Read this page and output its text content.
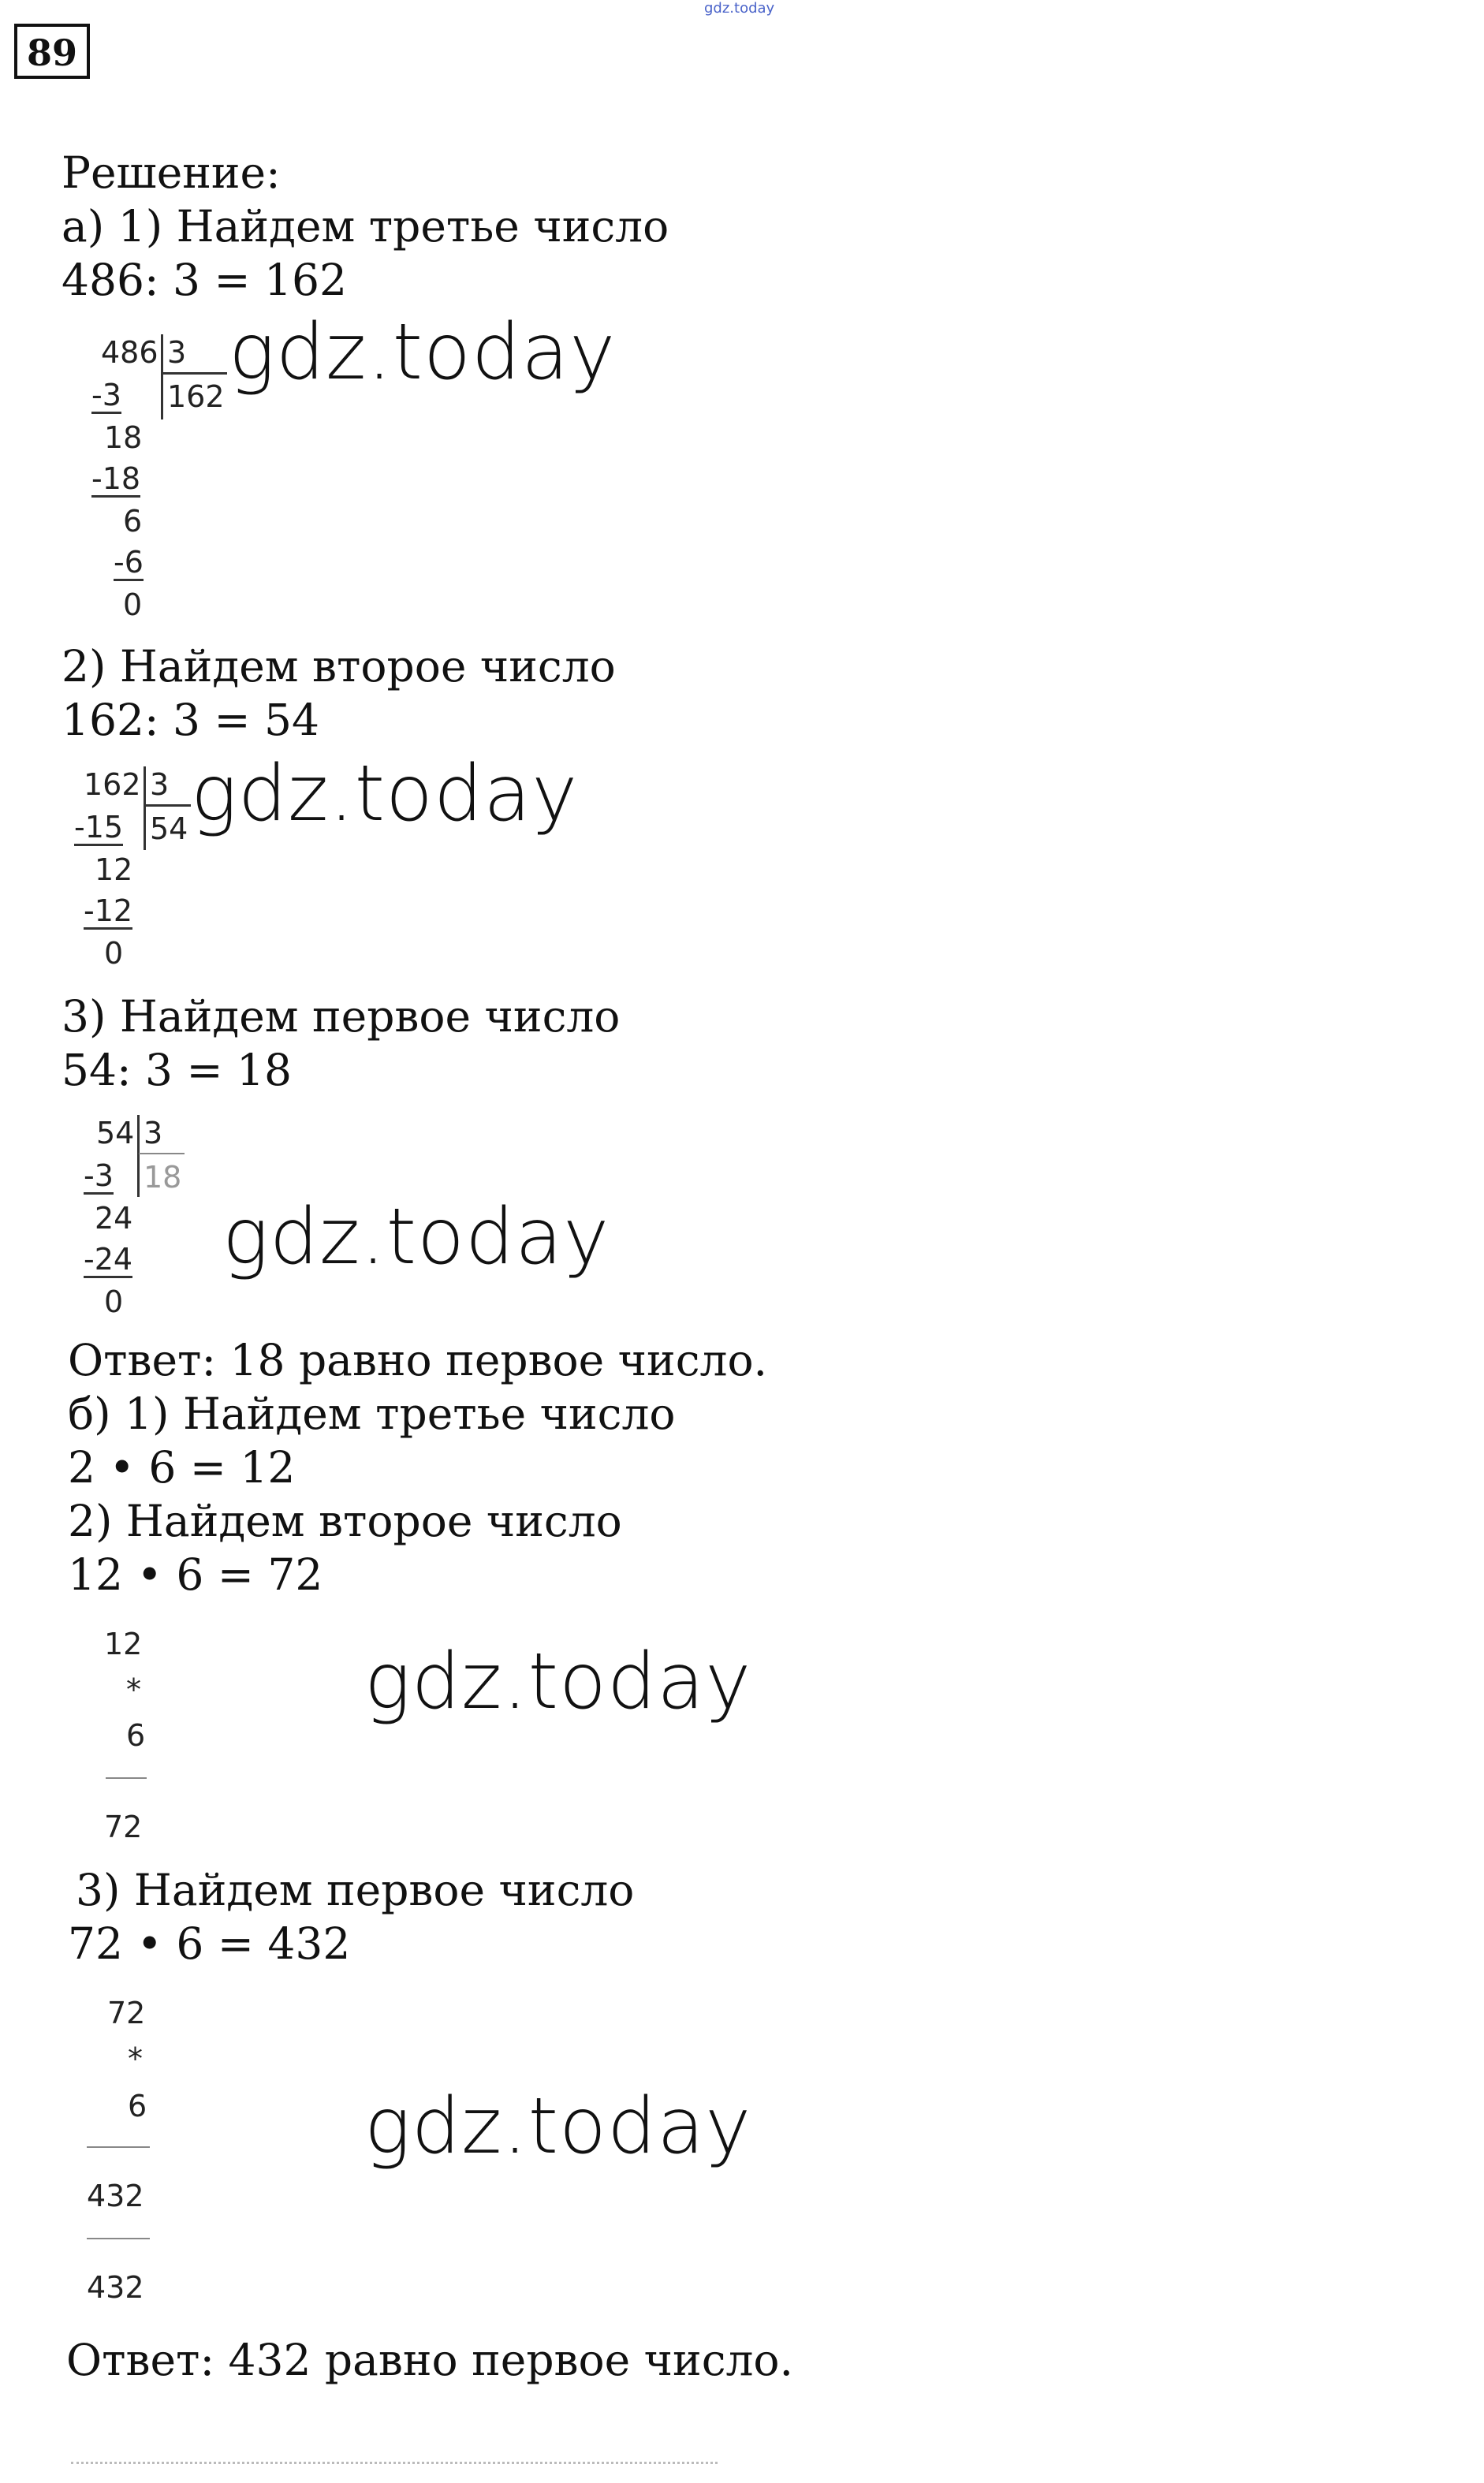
89
gdz.today
Решение:
а) 1) Найдем третье число
486: 3 = 162
486 3
162
-3
18
-18
6
-6
0
gdz.today
2) Найдем второе число
162: 3 = 54
162 3
54
-15
12
-12
0
gdz.today
3) Найдем первое число
54: 3 = 18
54 3
18
-3
24
-24
0
gdz.today
Ответ: 18 равно первое число.
б) 1) Найдем третье число
2 • 6 = 12
2) Найдем второе число
12 • 6 = 72
12
*
6
72
gdz.today
3) Найдем первое число
72 • 6 = 432
72
*
6
432
432
gdz.today
Ответ: 432 равно первое число.
